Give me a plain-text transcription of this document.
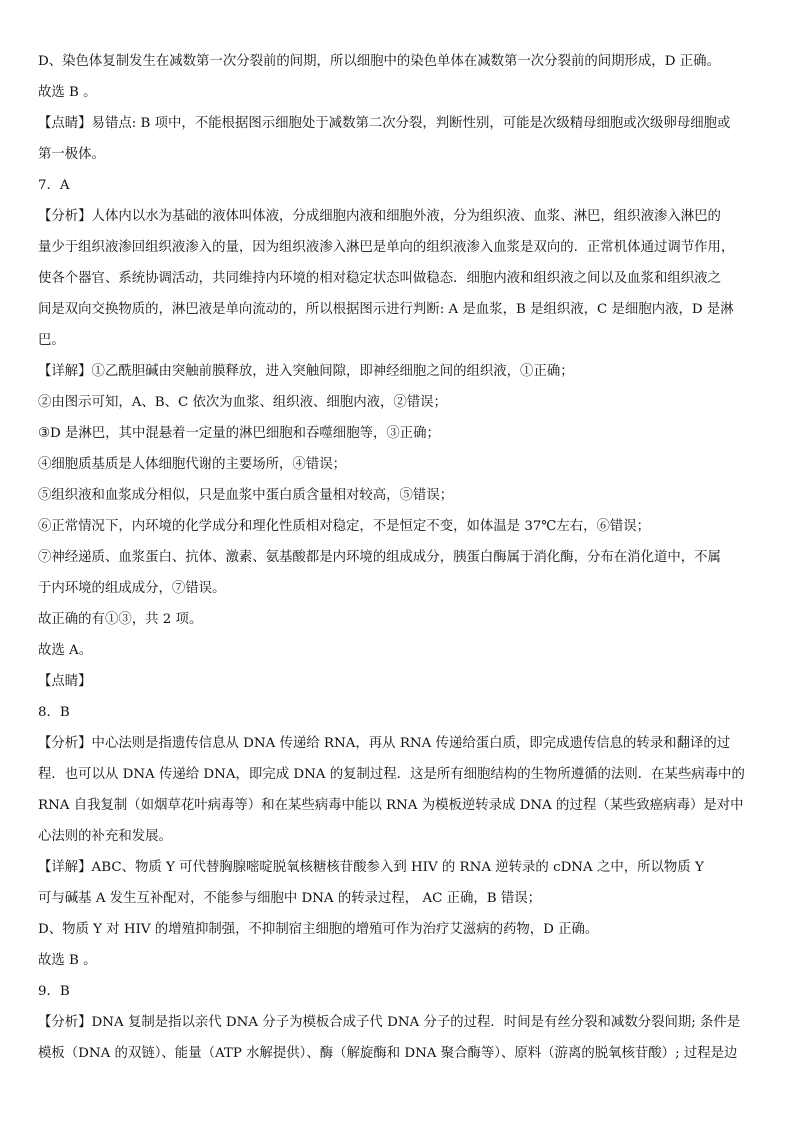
D、染色体复制发生在减数第一次分裂前的间期，所以细胞中的染色单体在减数第一次分裂前的间期形成，D 正确。
故选 B 。
【点睛】易错点: B 项中，不能根据图示细胞处于减数第二次分裂，判断性别，可能是次级精母细胞或次级卵母细胞或
第一极体。
7．A
【分析】人体内以水为基础的液体叫体液，分成细胞内液和细胞外液，分为组织液、血浆、淋巴，组织液渗入淋巴的
量少于组织液渗回组织液渗入的量，因为组织液渗入淋巴是单向的组织液渗入血浆是双向的．正常机体通过调节作用，
使各个器官、系统协调活动，共同维持内环境的相对稳定状态叫做稳态．细胞内液和组织液之间以及血浆和组织液之
间是双向交换物质的，淋巴液是单向流动的，所以根据图示进行判断: A 是血浆，B 是组织液，C 是细胞内液，D 是淋
巴。
【详解】①乙酰胆碱由突触前膜释放，进入突触间隙，即神经细胞之间的组织液，①正确；
②由图示可知，A、B、C 依次为血浆、组织液、细胞内液，②错误；
③D 是淋巴，其中混悬着一定量的淋巴细胞和吞噬细胞等，③正确；
④细胞质基质是人体细胞代谢的主要场所，④错误；
⑤组织液和血浆成分相似，只是血浆中蛋白质含量相对较高，⑤错误；
⑥正常情况下，内环境的化学成分和理化性质相对稳定，不是恒定不变，如体温是 37℃左右，⑥错误；
⑦神经递质、血浆蛋白、抗体、激素、氨基酸都是内环境的组成成分，胰蛋白酶属于消化酶，分布在消化道中，不属
于内环境的组成成分，⑦错误。
故正确的有①③，共 2 项。
故选 A。
【点睛】
8．B
【分析】中心法则是指遗传信息从 DNA 传递给 RNA，再从 RNA 传递给蛋白质，即完成遗传信息的转录和翻译的过
程．也可以从 DNA 传递给 DNA，即完成 DNA 的复制过程．这是所有细胞结构的生物所遵循的法则．在某些病毒中的
RNA 自我复制（如烟草花叶病毒等）和在某些病毒中能以 RNA 为模板逆转录成 DNA 的过程（某些致癌病毒）是对中
心法则的补充和发展。
【详解】ABC、物质 Y 可代替胸腺嘧啶脱氧核糖核苷酸参入到 HIV 的 RNA 逆转录的 cDNA 之中，所以物质 Y
可与碱基 A 发生互补配对，不能参与细胞中 DNA 的转录过程， AC 正确，B 错误；
D、物质 Y 对 HIV 的增殖抑制强，不抑制宿主细胞的增殖可作为治疗艾滋病的药物，D 正确。
故选 B 。
9．B
【分析】DNA 复制是指以亲代 DNA 分子为模板合成子代 DNA 分子的过程．时间是有丝分裂和减数分裂间期; 条件是
模板（DNA 的双链）、能量（ATP 水解提供）、酶（解旋酶和 DNA 聚合酶等）、原料（游离的脱氧核苷酸）; 过程是边
